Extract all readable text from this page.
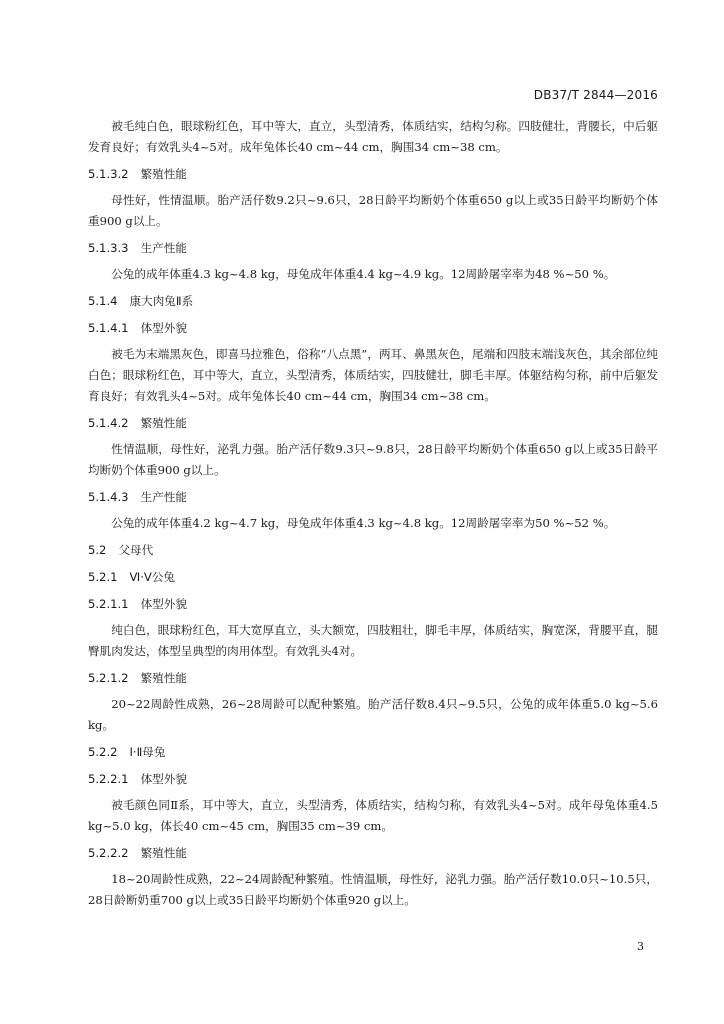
DB37/T 2844—2016

被毛纯白色，眼球粉红色，耳中等大，直立，头型清秀，体质结实，结构匀称。四肢健壮，背腰长，中后躯发育良好；有效乳头4~5对。成年兔体长40 cm~44 cm，胸围34 cm~38 cm。

5.1.3.2 繁殖性能

母性好，性情温顺。胎产活仔数9.2只~9.6只，28日龄平均断奶个体重650 g以上或35日龄平均断奶个体重900 g以上。

5.1.3.3 生产性能

公兔的成年体重4.3 kg~4.8 kg，母兔成年体重4.4 kg~4.9 kg。12周龄屠宰率为48 %~50 %。

5.1.4 康大肉兔Ⅱ系
5.1.4.1 体型外貌

被毛为末端黑灰色，即喜马拉雅色，俗称“八点黑”，两耳、鼻黑灰色，尾端和四肢末端浅灰色，其余部位纯白色；眼球粉红色，耳中等大，直立，头型清秀，体质结实，四肢健壮，脚毛丰厚。体躯结构匀称，前中后躯发育良好；有效乳头4~5对。成年兔体长40 cm~44 cm，胸围34 cm~38 cm。

5.1.4.2 繁殖性能

性情温顺，母性好，泌乳力强。胎产活仔数9.3只~9.8只，28日龄平均断奶个体重650 g以上或35日龄平均断奶个体重900 g以上。

5.1.4.3 生产性能

公兔的成年体重4.2 kg~4.7 kg，母兔成年体重4.3 kg~4.8 kg。12周龄屠宰率为50 %~52 %。

5.2 父母代
5.2.1 Ⅵ·Ⅴ公兔
5.2.1.1 体型外貌

纯白色，眼球粉红色，耳大宽厚直立，头大额宽，四肢粗壮，脚毛丰厚，体质结实，胸宽深，背腰平直，腿臀肌肉发达，体型呈典型的肉用体型。有效乳头4对。

5.2.1.2 繁殖性能

20~22周龄性成熟，26~28周龄可以配种繁殖。胎产活仔数8.4只~9.5只，公兔的成年体重5.0 kg~5.6 kg。

5.2.2 Ⅰ·Ⅱ母兔
5.2.2.1 体型外貌

被毛颜色同Ⅱ系，耳中等大，直立，头型清秀，体质结实，结构匀称，有效乳头4~5对。成年母兔体重4.5 kg~5.0 kg，体长40 cm~45 cm，胸围35 cm~39 cm。

5.2.2.2 繁殖性能

18~20周龄性成熟，22~24周龄配种繁殖。性情温顺，母性好，泌乳力强。胎产活仔数10.0只~10.5只，28日龄断奶重700 g以上或35日龄平均断奶个体重920 g以上。

3
